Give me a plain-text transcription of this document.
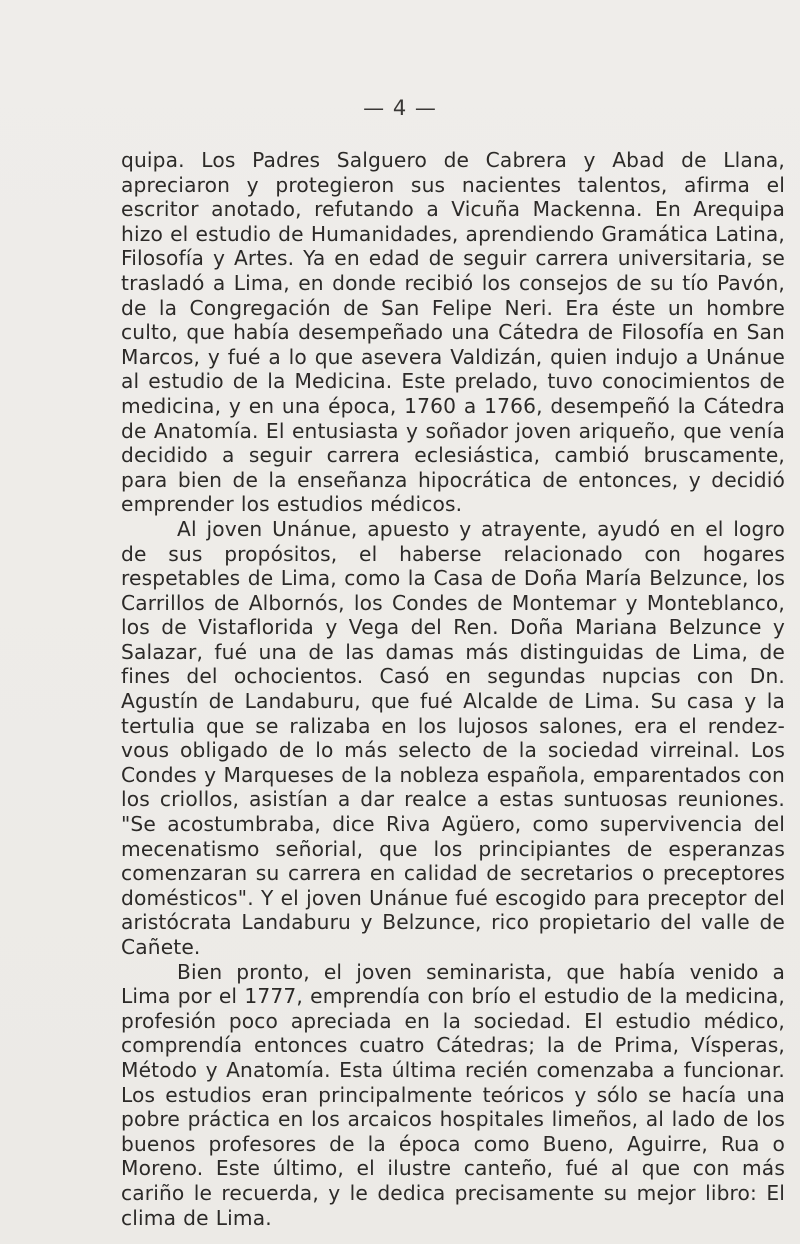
— 4 —

quipa. Los Padres Salguero de Cabrera y Abad de Llana, apreciaron y protegieron sus nacientes talentos, afirma el escritor anotado, refutando a Vicuña Mackenna. En Arequipa hizo el estudio de Humanidades, aprendiendo Gramática Latina, Filosofía y Artes. Ya en edad de seguir carrera universitaria, se trasladó a Lima, en donde recibió los consejos de su tío Pavón, de la Congregación de San Felipe Neri. Era éste un hombre culto, que había desempeñado una Cátedra de Filosofía en San Marcos, y fué a lo que asevera Valdizán, quien indujo a Unánue al estudio de la Medicina. Este prelado, tuvo conocimientos de medicina, y en una época, 1760 a 1766, desempeñó la Cátedra de Anatomía. El entusiasta y soñador joven ariqueño, que venía decidido a seguir carrera eclesiástica, cambió bruscamente, para bien de la enseñanza hipocrática de entonces, y decidió emprender los estudios médicos.

Al joven Unánue, apuesto y atrayente, ayudó en el logro de sus propósitos, el haberse relacionado con hogares respetables de Lima, como la Casa de Doña María Belzunce, los Carrillos de Albornós, los Condes de Montemar y Monteblanco, los de Vistaflorida y Vega del Ren. Doña Mariana Belzunce y Salazar, fué una de las damas más distinguidas de Lima, de fines del ochocientos. Casó en segundas nupcias con Dn. Agustín de Landaburu, que fué Alcalde de Lima. Su casa y la tertulia que se ralizaba en los lujosos salones, era el rendez-vous obligado de lo más selecto de la sociedad virreinal. Los Condes y Marqueses de la nobleza española, emparentados con los criollos, asistían a dar realce a estas suntuosas reuniones. "Se acostumbraba, dice Riva Agüero, como supervivencia del mecenatismo señorial, que los principiantes de esperanzas comenzaran su carrera en calidad de secretarios o preceptores domésticos". Y el joven Unánue fué escogido para preceptor del aristócrata Landaburu y Belzunce, rico propietario del valle de Cañete.

Bien pronto, el joven seminarista, que había venido a Lima por el 1777, emprendía con brío el estudio de la medicina, profesión poco apreciada en la sociedad. El estudio médico, comprendía entonces cuatro Cátedras; la de Prima, Vísperas, Método y Anatomía. Esta última recién comenzaba a funcionar. Los estudios eran principalmente teóricos y sólo se hacía una pobre práctica en los arcaicos hospitales limeños, al lado de los buenos profesores de la época como Bueno, Aguirre, Rua o Moreno. Este último, el ilustre canteño, fué al que con más cariño le recuerda, y le dedica precisamente su mejor libro: El clima de Lima.
